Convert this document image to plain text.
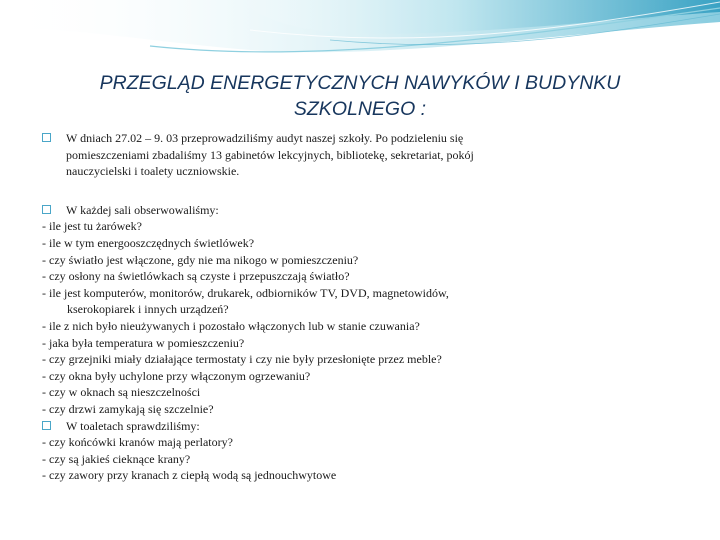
PRZEGLĄD ENERGETYCZNYCH NAWYKÓW I BUDYNKU
SZKOLNEGO :
W dniach 27.02 – 9. 03 przeprowadziliśmy audyt naszej szkoły. Po podzieleniu się
pomieszczeniami zbadaliśmy 13 gabinetów lekcyjnych, bibliotekę, sekretariat, pokój
nauczycielski i toalety uczniowskie.
W każdej sali obserwowaliśmy:
- ile jest tu żarówek?
- ile w tym energooszczędnych świetlówek?
- czy światło jest włączone, gdy nie ma nikogo w pomieszczeniu?
- czy osłony na świetlówkach są czyste i przepuszczają światło?
- ile jest komputerów, monitorów, drukarek, odbiorników TV, DVD, magnetowidów,
kserokopiarek i innych urządzeń?
- ile z nich było nieużywanych i pozostało włączonych lub w stanie czuwania?
- jaka była temperatura w pomieszczeniu?
- czy grzejniki miały działające termostaty i czy nie były przesłonięte przez meble?
- czy okna były uchylone przy włączonym ogrzewaniu?
- czy w oknach są nieszczelności
- czy drzwi zamykają się szczelnie?
W toaletach sprawdziliśmy:
- czy końcówki kranów mają perlatory?
- czy są jakieś cieknące krany?
- czy zawory przy kranach z ciepłą wodą są jednouchwytowe
